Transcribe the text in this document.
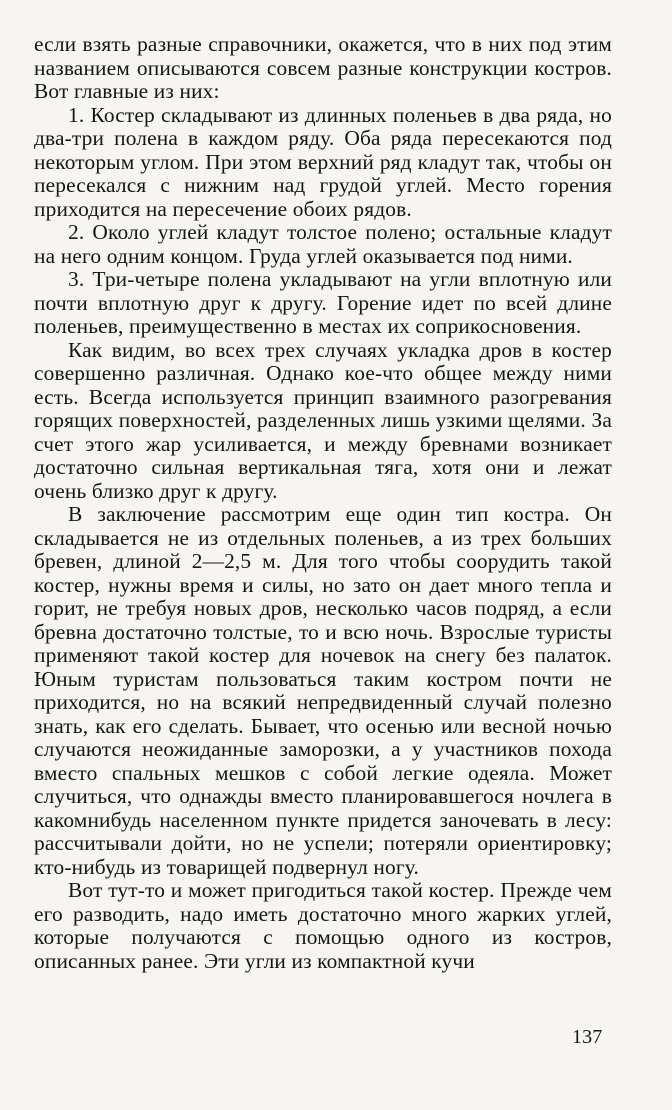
если взять разные справочники, окажется, что в них под этим названием описываются совсем разные конструкции костров. Вот главные из них:

1. Костер складывают из длинных поленьев в два ряда, но два-три полена в каждом ряду. Оба ряда пересекаются под некоторым углом. При этом верхний ряд кладут так, чтобы он пересекался с нижним над грудой углей. Место горения приходится на пересечение обоих рядов.

2. Около углей кладут толстое полено; остальные кладут на него одним концом. Груда углей оказывается под ними.

3. Три-четыре полена укладывают на угли вплотную или почти вплотную друг к другу. Горение идет по всей длине поленьев, преимущественно в местах их соприкосновения.

Как видим, во всех трех случаях укладка дров в костер совершенно различная. Однако кое-что общее между ними есть. Всегда используется принцип взаимного разогревания горящих поверхностей, разделенных лишь узкими щелями. За счет этого жар усиливается, и между бревнами возникает достаточно сильная вертикальная тяга, хотя они и лежат очень близко друг к другу.

В заключение рассмотрим еще один тип костра. Он складывается не из отдельных поленьев, а из трех больших бревен, длиной 2—2,5 м. Для того чтобы соорудить такой костер, нужны время и силы, но зато он дает много тепла и горит, не требуя новых дров, несколько часов подряд, а если бревна достаточно толстые, то и всю ночь. Взрослые туристы применяют такой костер для ночевок на снегу без палаток. Юным туристам пользоваться таким костром почти не приходится, но на всякий непредвиденный случай полезно знать, как его сделать. Бывает, что осенью или весной ночью случаются неожиданные заморозки, а у участников похода вместо спальных мешков с собой легкие одеяла. Может случиться, что однажды вместо планировавшегося ночлега в какомнибудь населенном пункте придется заночевать в лесу: рассчитывали дойти, но не успели; потеряли ориентировку; кто-нибудь из товарищей подвернул ногу.

Вот тут-то и может пригодиться такой костер. Прежде чем его разводить, надо иметь достаточно много жарких углей, которые получаются с помощью одного из костров, описанных ранее. Эти угли из компактной кучи

137
